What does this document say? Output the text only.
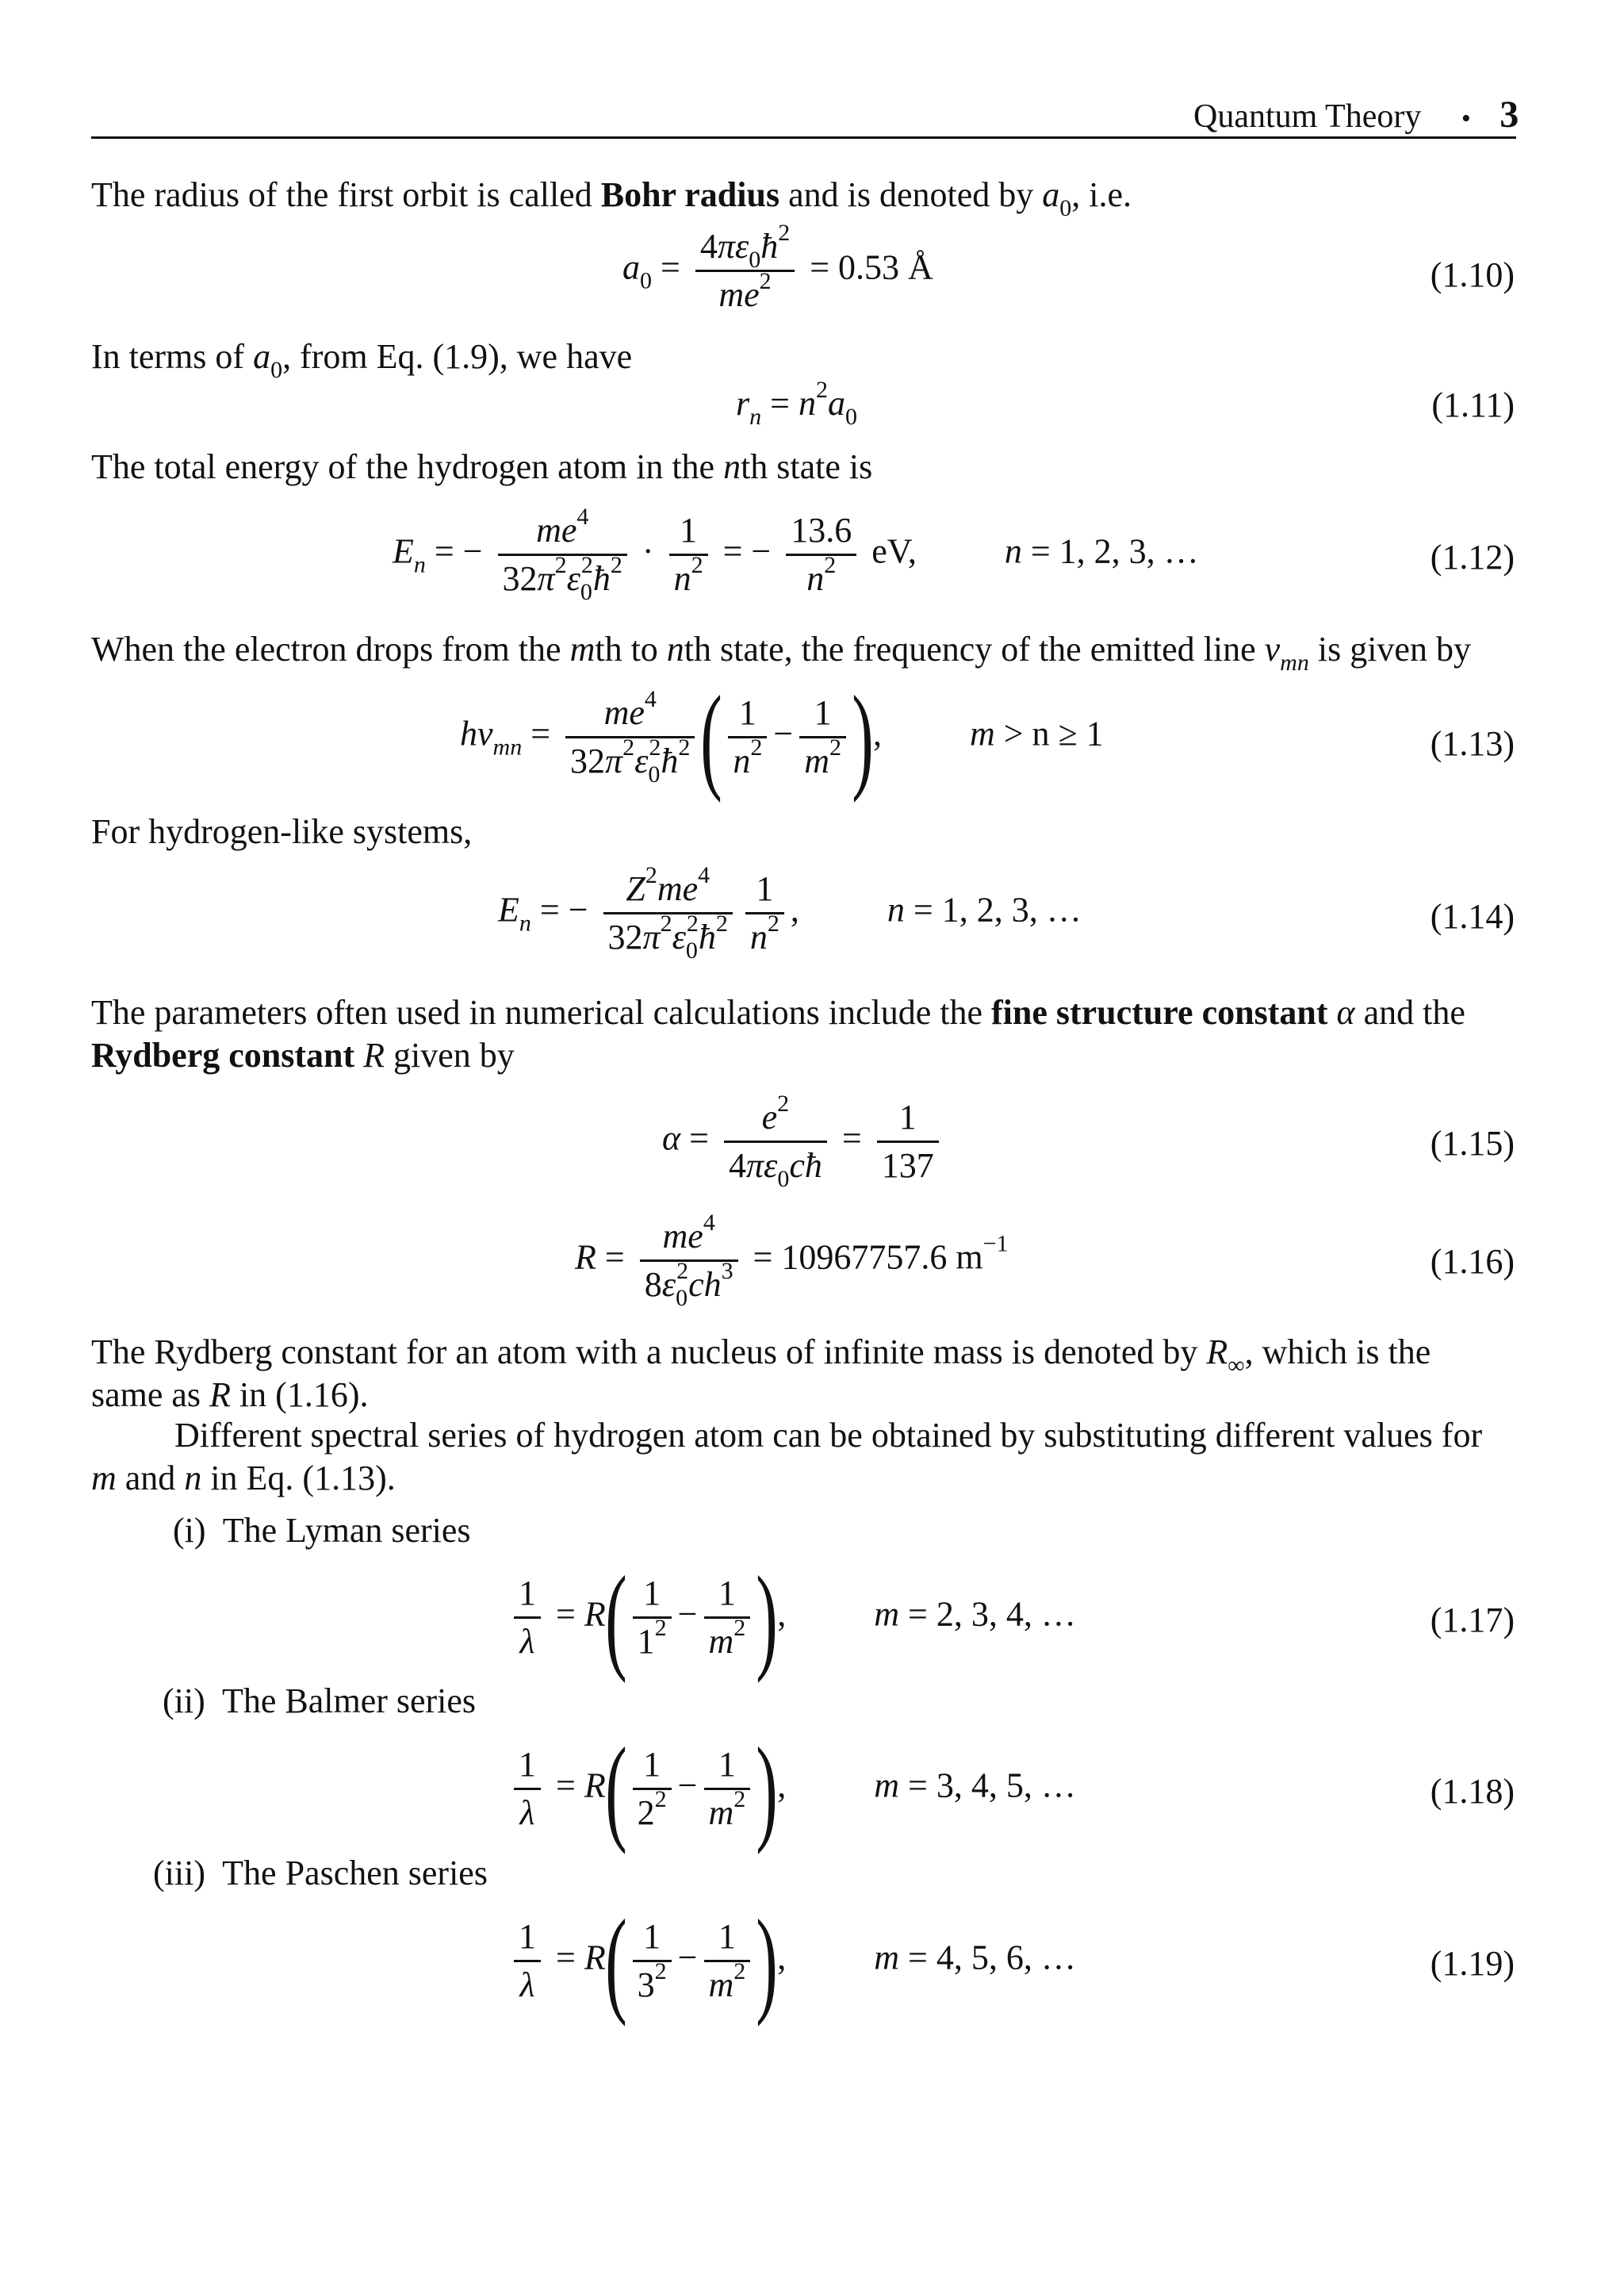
Quantum Theory • 3
The radius of the first orbit is called Bohr radius and is denoted by $a_0$, i.e.
$a_0 = \frac{4\pi\varepsilon_0ħ^2}{me^2} = 0.53$ Å	(1.10)
In terms of $a_0$, from Eq. (1.9), we have
$r_n = n^2a_0$	(1.11)
The total energy of the hydrogen atom in the nth state is
$E_n$ = − $\frac{me^4}{32\pi^2\varepsilon_0^2ħ^2} \cdot \frac{1}{n^2}$ = − $\frac{13.6}{n^2}$ eV,	n = 1, 2, 3, …	(1.12)
When the electron drops from the mth to nth state, the frequency of the emitted line $\nu_{mn}$ is given by
$h\nu_{mn} = \frac{me^4}{32\pi^2\varepsilon_0^2ħ^2}$ ( $\frac{1}{n^2} - \frac{1}{m^2}$ ), m > n ≥ 1	(1.13)
For hydrogen-like systems,
$E_n$ = − $\frac{Z^2me^4}{32\pi^2\varepsilon_0^2ħ^2} \frac{1}{n^2}$ , n = 1, 2, 3, …	(1.14)
The parameters often used in numerical calculations include the fine structure constant α and the
Rydberg constant R given by
$\alpha = \frac{e^2}{4\pi\varepsilon_0cħ} = \frac{1}{137}$	(1.15)
$R = \frac{me^4}{8\varepsilon_0^2ch^3} = 10967757.6$ $m^{-1}$	(1.16)
The Rydberg constant for an atom with a nucleus of infinite mass is denoted by $R_\infty$, which is the
same as R in (1.16).
Different spectral series of hydrogen atom can be obtained by substituting different values for
m and n in Eq. (1.13).
(i)  The Lyman series
$\frac{1}{\lambda} = R( \frac{1}{1^2} - \frac{1}{m^2}$ ), m = 2, 3, 4, …	(1.17)
(ii)  The Balmer series
$\frac{1}{\lambda} = R( \frac{1}{2^2} - \frac{1}{m^2}$ ), m = 3, 4, 5, …	(1.18)
(iii)  The Paschen series
$\frac{1}{\lambda} = R( \frac{1}{3^2} - \frac{1}{m^2}$ ), m = 4, 5, 6, …	(1.19)
